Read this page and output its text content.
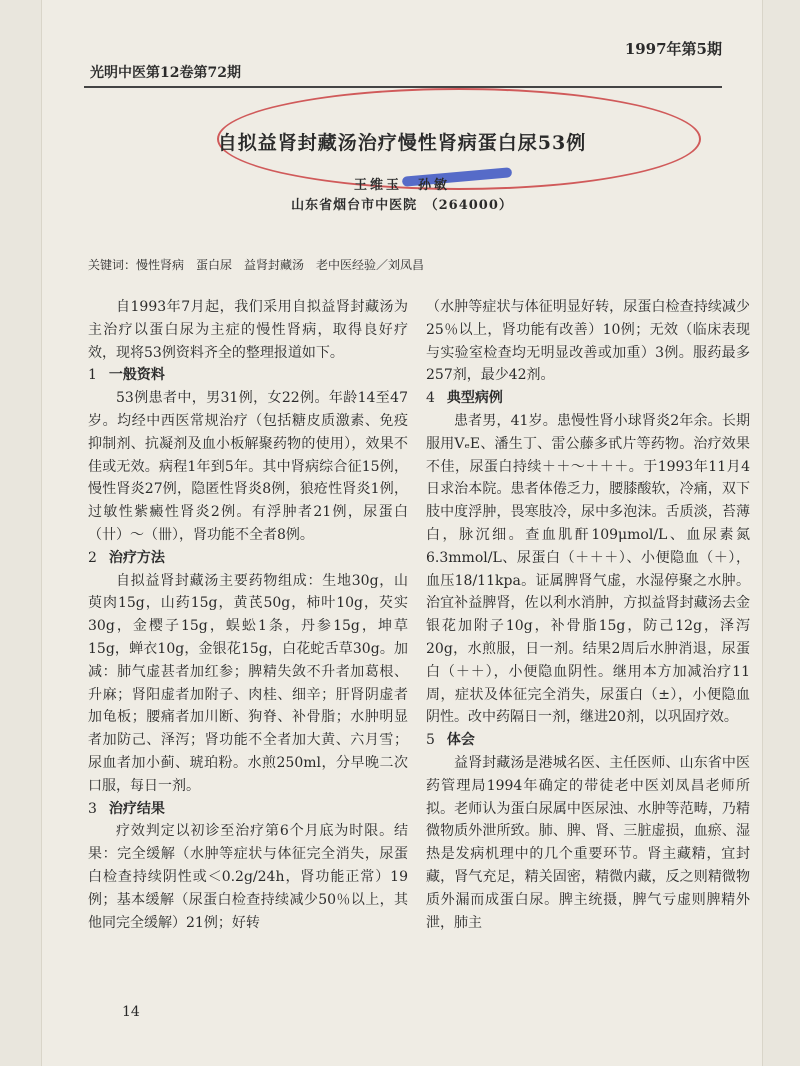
光明中医第12卷第72期
1997年第5期
自拟益肾封藏汤治疗慢性肾病蛋白尿53例
王维玉　孙敏
山东省烟台市中医院　（264000）
关键词：慢性肾病　蛋白尿　益肾封藏汤　老中医经验／刘凤昌

自1993年7月起，我们采用自拟益肾封藏汤为主治疗以蛋白尿为主症的慢性肾病，取得良好疗效，现将53例资料齐全的整理报道如下。

1 一般资料

53例患者中，男31例，女22例。年龄14至47岁。均经中西医常规治疗（包括糖皮质激素、免疫抑制剂、抗凝剂及血小板解聚药物的使用），效果不佳或无效。病程1年到5年。其中肾病综合征15例，慢性肾炎27例，隐匿性肾炎8例，狼疮性肾炎1例，过敏性紫癜性肾炎2例。有浮肿者21例，尿蛋白（卄）～（卌），肾功能不全者8例。

2 治疗方法

自拟益肾封藏汤主要药物组成：生地30g，山萸肉15g，山药15g，黄芪50g，柿叶10g，芡实30g，金樱子15g，蜈蚣1条，丹参15g，坤草15g，蝉衣10g，金银花15g，白花蛇舌草30g。加减：肺气虚甚者加红参；脾精失敛不升者加葛根、升麻；肾阳虚者加附子、肉桂、细辛；肝肾阴虚者加龟板；腰痛者加川断、狗脊、补骨脂；水肿明显者加防己、泽泻；肾功能不全者加大黄、六月雪；尿血者加小蓟、琥珀粉。水煎250ml，分早晚二次口服，每日一剂。

3 治疗结果

疗效判定以初诊至治疗第6个月底为时限。结果：完全缓解（水肿等症状与体征完全消失，尿蛋白检查持续阴性或＜0.2g/24h，肾功能正常）19例；基本缓解（尿蛋白检查持续减少50％以上，其他同完全缓解）21例；好转

（水肿等症状与体征明显好转，尿蛋白检查持续减少25％以上，肾功能有改善）10例；无效（临床表现与实验室检查均无明显改善或加重）3例。服药最多257剂，最少42剂。

4 典型病例

患者男，41岁。患慢性肾小球肾炎2年余。长期服用VₑE、潘生丁、雷公藤多甙片等药物。治疗效果不佳，尿蛋白持续＋＋～＋＋＋。于1993年11月4日求治本院。患者体倦乏力，腰膝酸软，冷痛，双下肢中度浮肿，畏寒肢冷，尿中多泡沫。舌质淡，苔薄白，脉沉细。查血肌酐109μmol/L、血尿素氮6.3mmol/L、尿蛋白（＋＋＋）、小便隐血（＋），血压18/11kpa。证属脾肾气虚，水湿停聚之水肿。治宜补益脾肾，佐以利水消肿，方拟益肾封藏汤去金银花加附子10g，补骨脂15g，防己12g，泽泻20g，水煎服，日一剂。结果2周后水肿消退，尿蛋白（＋＋），小便隐血阴性。继用本方加减治疗11周，症状及体征完全消失，尿蛋白（±），小便隐血阴性。改中药隔日一剂，继进20剂，以巩固疗效。

5 体会

益肾封藏汤是港城名医、主任医师、山东省中医药管理局1994年确定的带徒老中医刘凤昌老师所拟。老师认为蛋白尿属中医尿浊、水肿等范畴，乃精微物质外泄所致。肺、脾、肾、三脏虚损，血瘀、湿热是发病机理中的几个重要环节。肾主藏精，宜封藏，肾气充足，精关固密，精微内藏，反之则精微物质外漏而成蛋白尿。脾主统摄，脾气亏虚则脾精外泄，肺主

14
